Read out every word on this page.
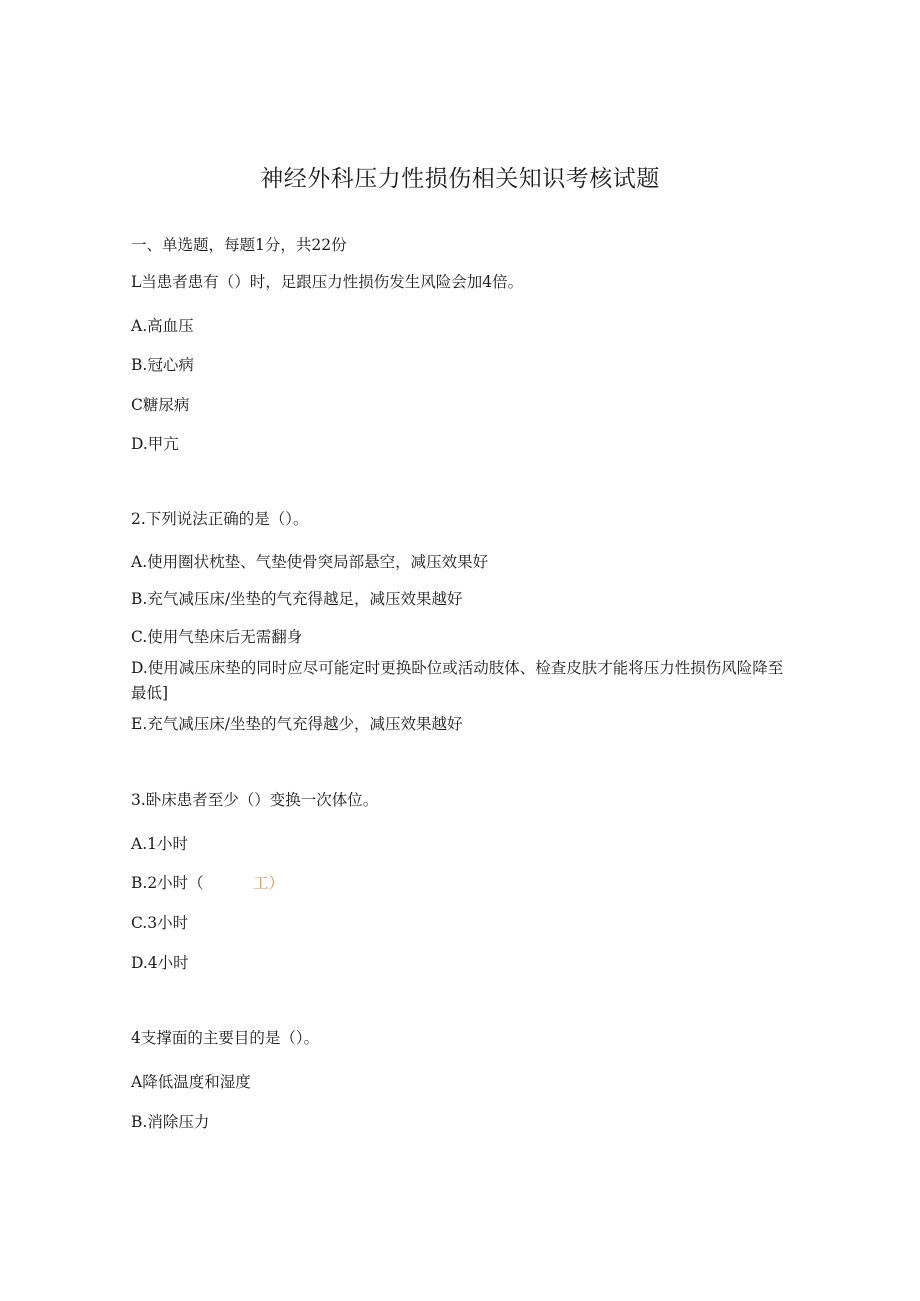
神经外科压力性损伤相关知识考核试题
一、单选题，每题1分，共22份
L当患者患有（）时，足跟压力性损伤发生风险会加4倍。
A.高血压
B.冠心病
C糖尿病
D.甲亢
2.下列说法正确的是（）。
A.使用圈状枕垫、气垫使骨突局部悬空，减压效果好
B.充气减压床/坐垫的气充得越足，减压效果越好
C.使用气垫床后无需翻身
D.使用减压床垫的同时应尽可能定时更换卧位或活动肢体、检查皮肤才能将压力性损伤风险降至最低]
E.充气减压床/坐垫的气充得越少，减压效果越好
3.卧床患者至少（）变换一次体位。
A.1小时
B.2小时（	工）
C.3小时
D.4小时
4支撑面的主要目的是（）。
A降低温度和湿度
B.消除压力
